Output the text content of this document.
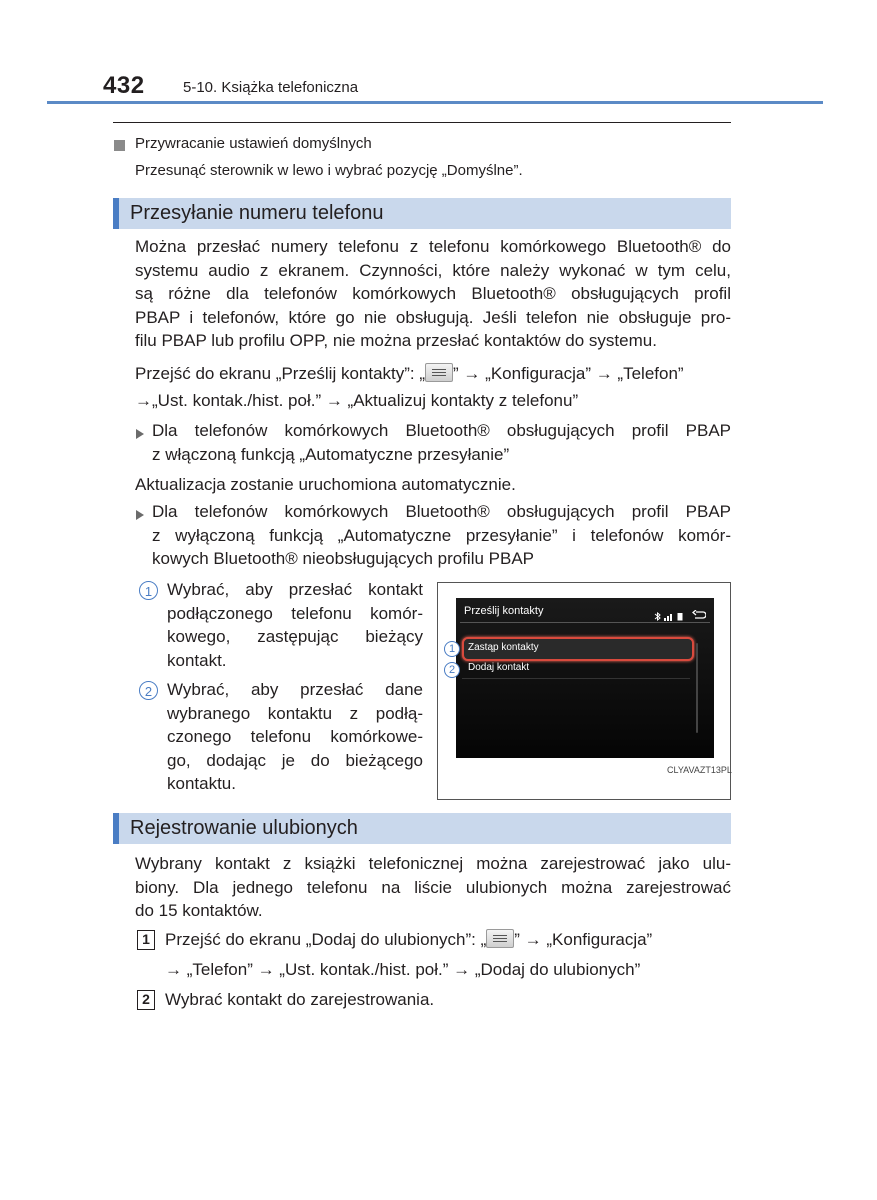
432	5-10. Książka telefoniczna
Przywracanie ustawień domyślnych
Przesunąć sterownik w lewo i wybrać pozycję „Domyślne”.
Przesyłanie numeru telefonu
Można przesłać numery telefonu z telefonu komórkowego Bluetooth® do
systemu audio z ekranem. Czynności, które należy wykonać w tym celu,
są różne dla telefonów komórkowych Bluetooth® obsługujących profil
PBAP i telefonów, które go nie obsługują. Jeśli telefon nie obsługuje pro-
filu PBAP lub profilu OPP, nie można przesłać kontaktów do systemu.
Przejść do ekranu „Prześlij kontakty”: „ ” → „Konfiguracja” → „Telefon”
→„Ust. kontak./hist. poł.” → „Aktualizuj kontakty z telefonu”
Dla telefonów komórkowych Bluetooth® obsługujących profil PBAP
z włączoną funkcją „Automatyczne przesyłanie”
Aktualizacja zostanie uruchomiona automatycznie.
Dla telefonów komórkowych Bluetooth® obsługujących profil PBAP
z wyłączoną funkcją „Automatyczne przesyłanie” i telefonów komór-
kowych Bluetooth® nieobsługujących profilu PBAP
1 Wybrać, aby przesłać kontakt
podłączonego telefonu komór-
kowego, zastępując bieżący
kontakt.
2 Wybrać, aby przesłać dane
wybranego kontaktu z podłą-
czonego telefonu komórkowe-
go, dodając je do bieżącego
kontaktu.
Prześlij kontakty
Zastąp kontakty
Dodaj kontakt
1
2
CLYAVAZT13PL
Rejestrowanie ulubionych
Wybrany kontakt z książki telefonicznej można zarejestrować jako ulu-
biony. Dla jednego telefonu na liście ulubionych można zarejestrować
do 15 kontaktów.
1 Przejść do ekranu „Dodaj do ulubionych”: „ ” → „Konfiguracja”
→ „Telefon” → „Ust. kontak./hist. poł.” → „Dodaj do ulubionych”
2 Wybrać kontakt do zarejestrowania.
